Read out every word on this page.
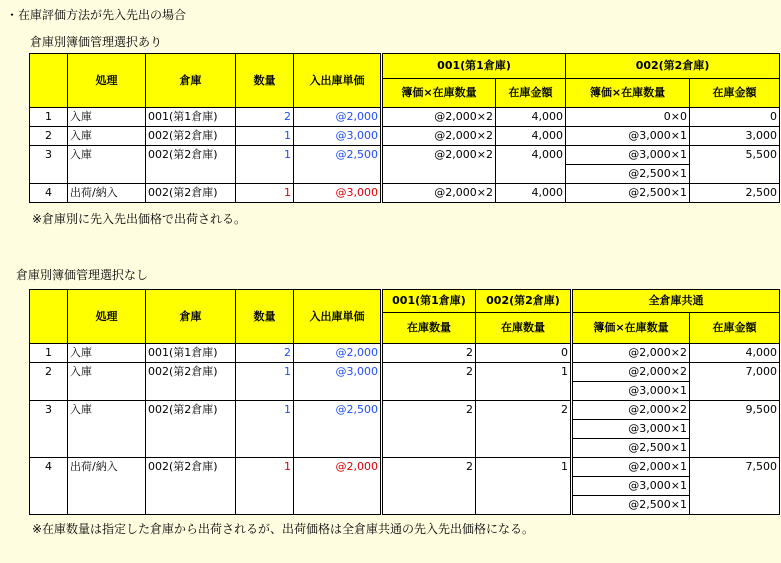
・在庫評価方法が先入先出の場合
倉庫別簿価管理選択あり
	処理	倉庫	数量	入出庫単価	001(第1倉庫)		002(第2倉庫)	
					簿価×在庫数量	在庫金額	簿価×在庫数量	在庫金額
1	入庫	001(第1倉庫)	2	@2,000	@2,000×2	4,000	0×0	0
2	入庫	002(第2倉庫)	1	@3,000	@2,000×2	4,000	@3,000×1	3,000
3	入庫	002(第2倉庫)	1	@2,500	@2,000×2	4,000	@3,000×1	5,500
							@2,500×1	
4	出荷/納入	002(第2倉庫)	1	@3,000	@2,000×2	4,000	@2,500×1	2,500
※倉庫別に先入先出価格で出荷される。
倉庫別簿価管理選択なし
	処理	倉庫	数量	入出庫単価	001(第1倉庫)	002(第2倉庫)	全倉庫共通	
					在庫数量	在庫数量	簿価×在庫数量	在庫金額
1	入庫	001(第1倉庫)	2	@2,000	2	0	@2,000×2	4,000
2	入庫	002(第2倉庫)	1	@3,000	2	1	@2,000×2	7,000
							@3,000×1	
3	入庫	002(第2倉庫)	1	@2,500	2	2	@2,000×2	9,500
							@3,000×1	
							@2,500×1	
4	出荷/納入	002(第2倉庫)	1	@2,000	2	1	@2,000×1	7,500
							@3,000×1	
							@2,500×1	
※在庫数量は指定した倉庫から出荷されるが、出荷価格は全倉庫共通の先入先出価格になる。
